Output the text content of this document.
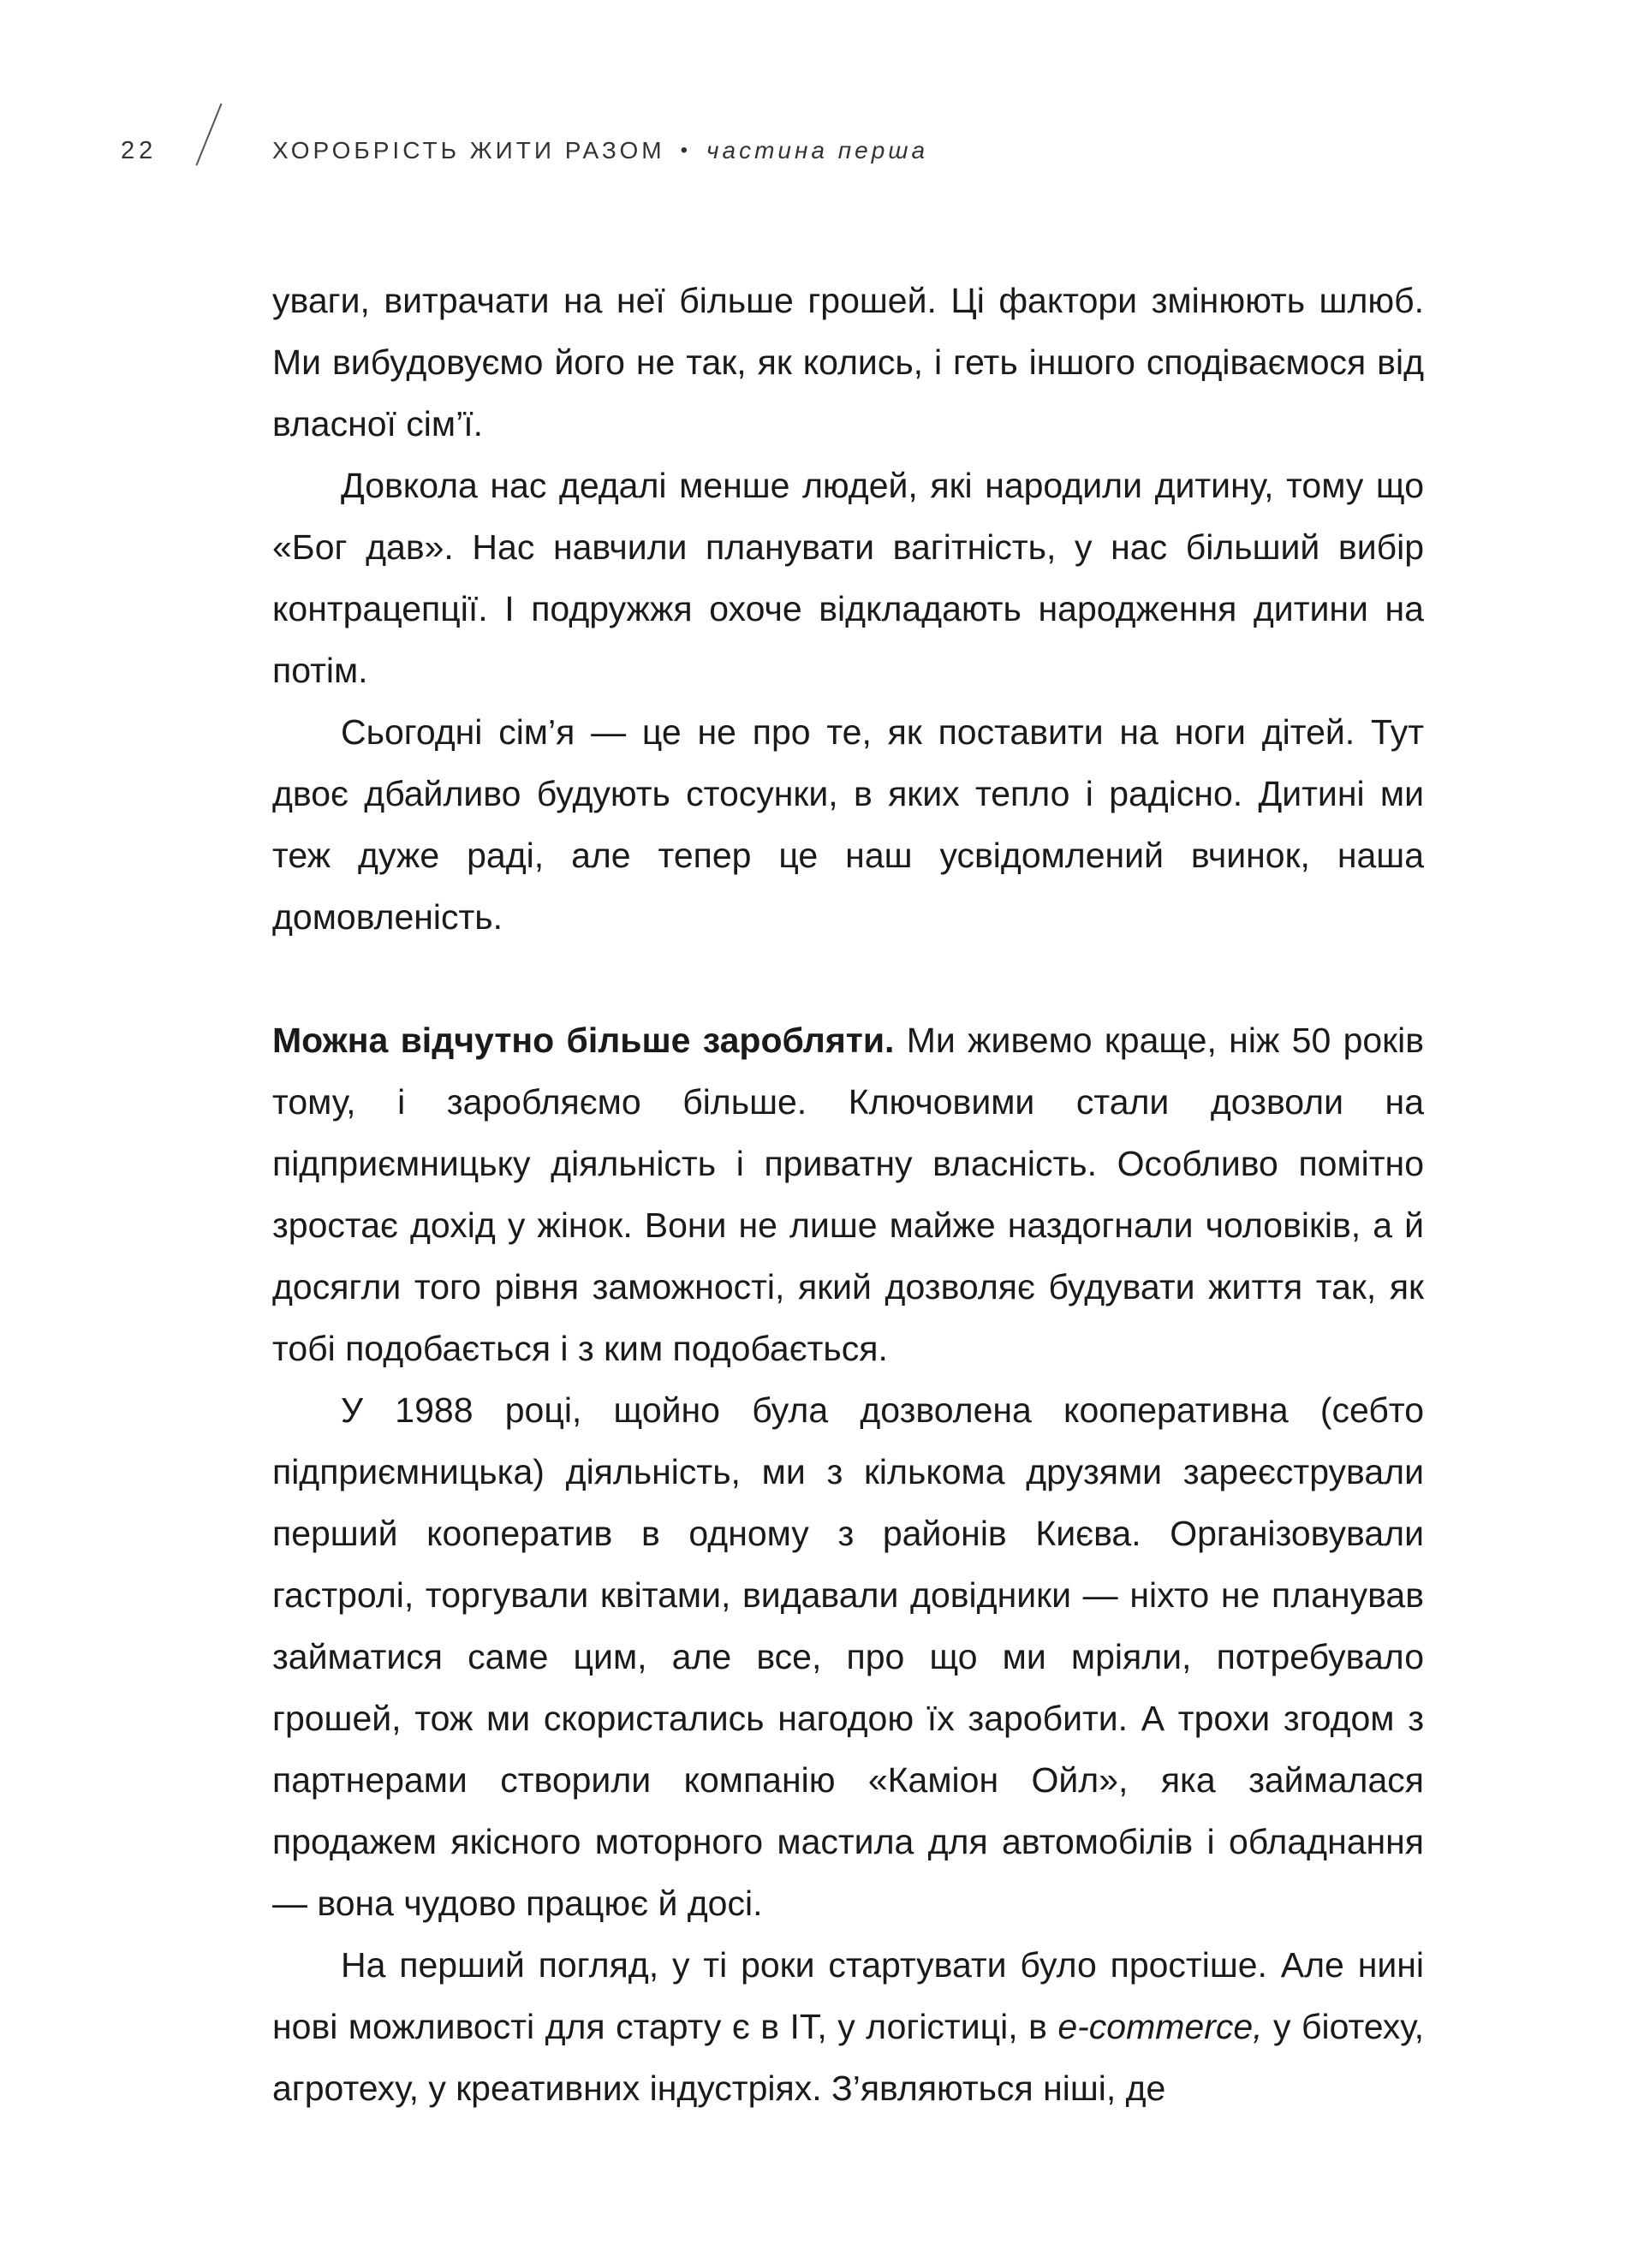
22	ХОРОБРІСТЬ ЖИТИ РАЗОМ • частина перша

уваги, витрачати на неї більше грошей. Ці фактори змінюють шлюб. Ми вибудовуємо його не так, як колись, і геть іншого сподіваємося від власної сім’ї.

Довкола нас дедалі менше людей, які народили дитину, тому що «Бог дав». Нас навчили планувати вагітність, у нас більший вибір контрацепції. І подружжя охоче відкладають народження дитини на потім.

Сьогодні сім’я — це не про те, як поставити на ноги дітей. Тут двоє дбайливо будують стосунки, в яких тепло і радісно. Дитині ми теж дуже раді, але тепер це наш усвідомлений вчинок, наша домовленість.

Можна відчутно більше заробляти. Ми живемо краще, ніж 50 років тому, і заробляємо більше. Ключовими стали дозволи на підприємницьку діяльність і приватну власність. Особливо помітно зростає дохід у жінок. Вони не лише майже наздогнали чоловіків, а й досягли того рівня заможності, який дозволяє будувати життя так, як тобі подобається і з ким подобається.

У 1988 році, щойно була дозволена кооперативна (себто підприємницька) діяльність, ми з кількома друзями зареєстрували перший кооператив в одному з районів Києва. Організовували гастролі, торгували квітами, видавали довідники — ніхто не планував займатися саме цим, але все, про що ми мріяли, потребувало грошей, тож ми скористались нагодою їх заробити. А трохи згодом з партнерами створили компанію «Каміон Ойл», яка займалася продажем якісного моторного мастила для автомобілів і обладнання — вона чудово працює й досі.

На перший погляд, у ті роки стартувати було простіше. Але нині нові можливості для старту є в IT, у логістиці, в e-commerce, у біотеху, агротеху, у креативних індустріях. З’являються ніші, де
